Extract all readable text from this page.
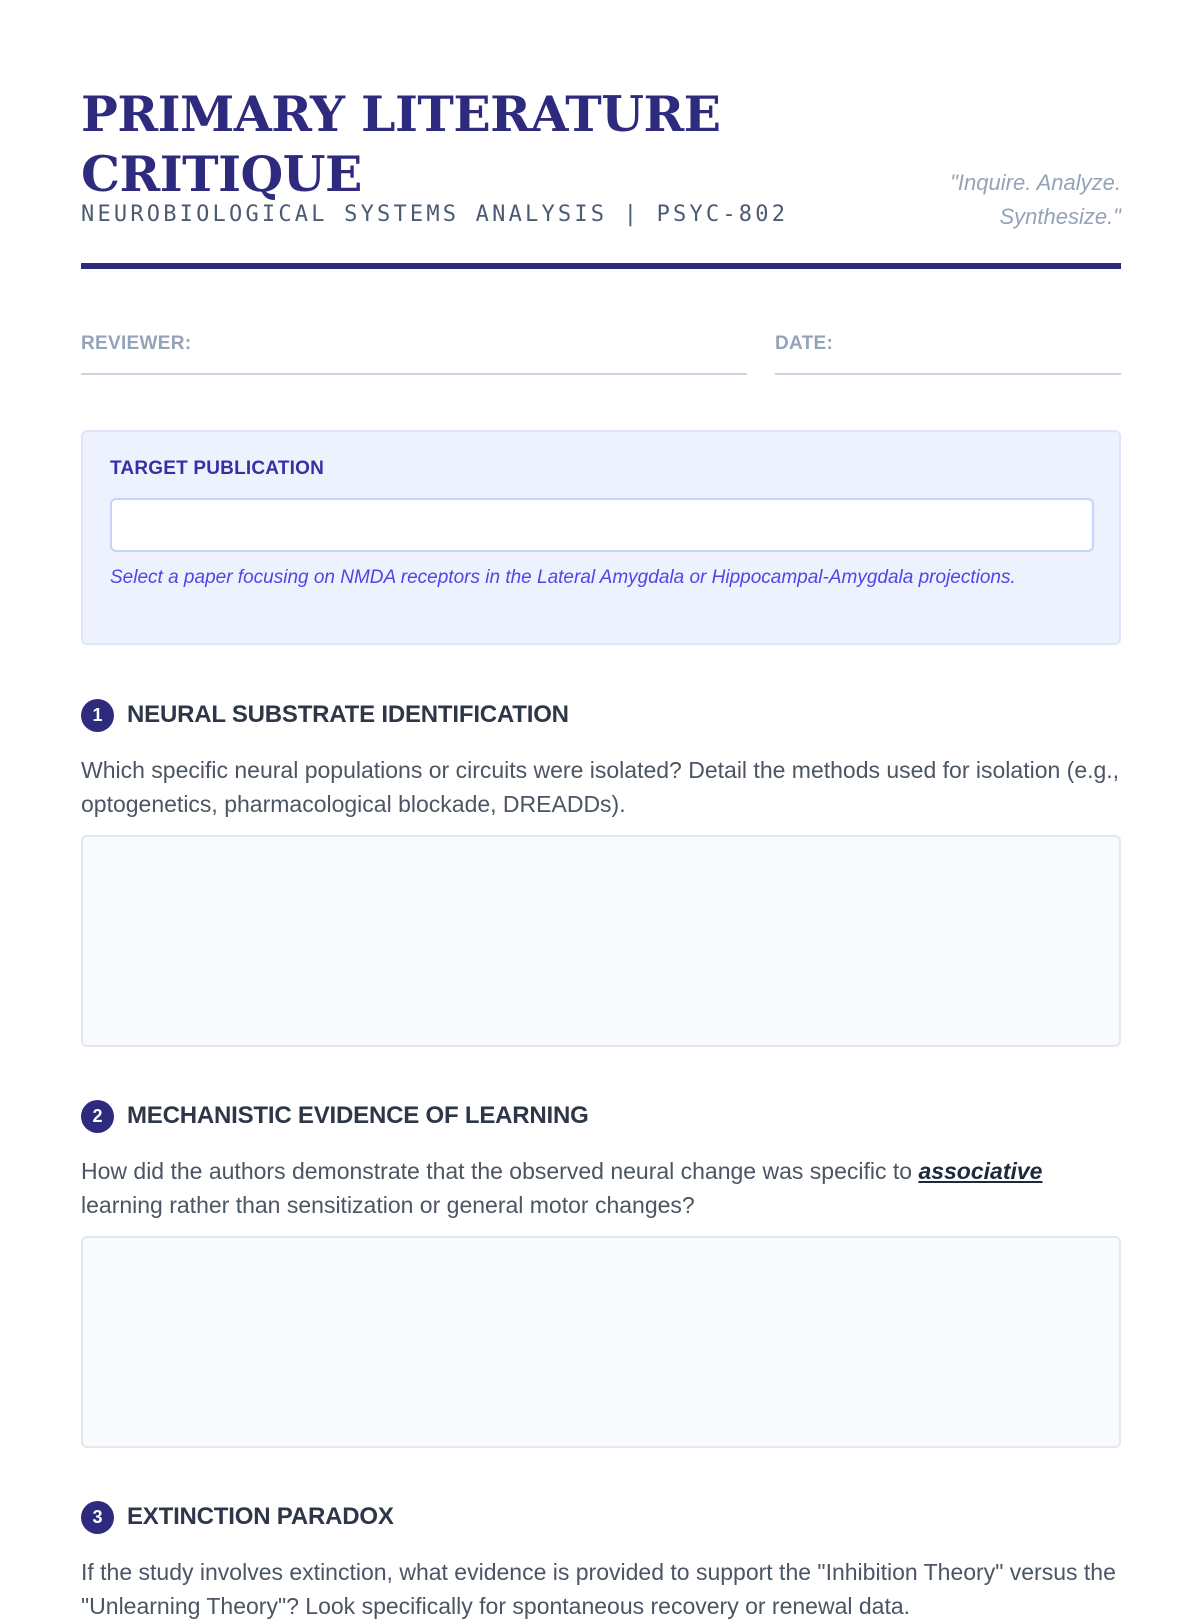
PRIMARY LITERATURE
CRITIQUE
NEUROBIOLOGICAL SYSTEMS ANALYSIS | PSYC-802
"Inquire. Analyze.
Synthesize."
REVIEWER:	DATE:
TARGET PUBLICATION
Select a paper focusing on NMDA receptors in the Lateral Amygdala or Hippocampal-Amygdala projections.
1	NEURAL SUBSTRATE IDENTIFICATION
Which specific neural populations or circuits were isolated? Detail the methods used for isolation (e.g., optogenetics, pharmacological blockade, DREADDs).
2	MECHANISTIC EVIDENCE OF LEARNING
How did the authors demonstrate that the observed neural change was specific to associative learning rather than sensitization or general motor changes?
3	EXTINCTION PARADOX
If the study involves extinction, what evidence is provided to support the "Inhibition Theory" versus the "Unlearning Theory"? Look specifically for spontaneous recovery or renewal data.
